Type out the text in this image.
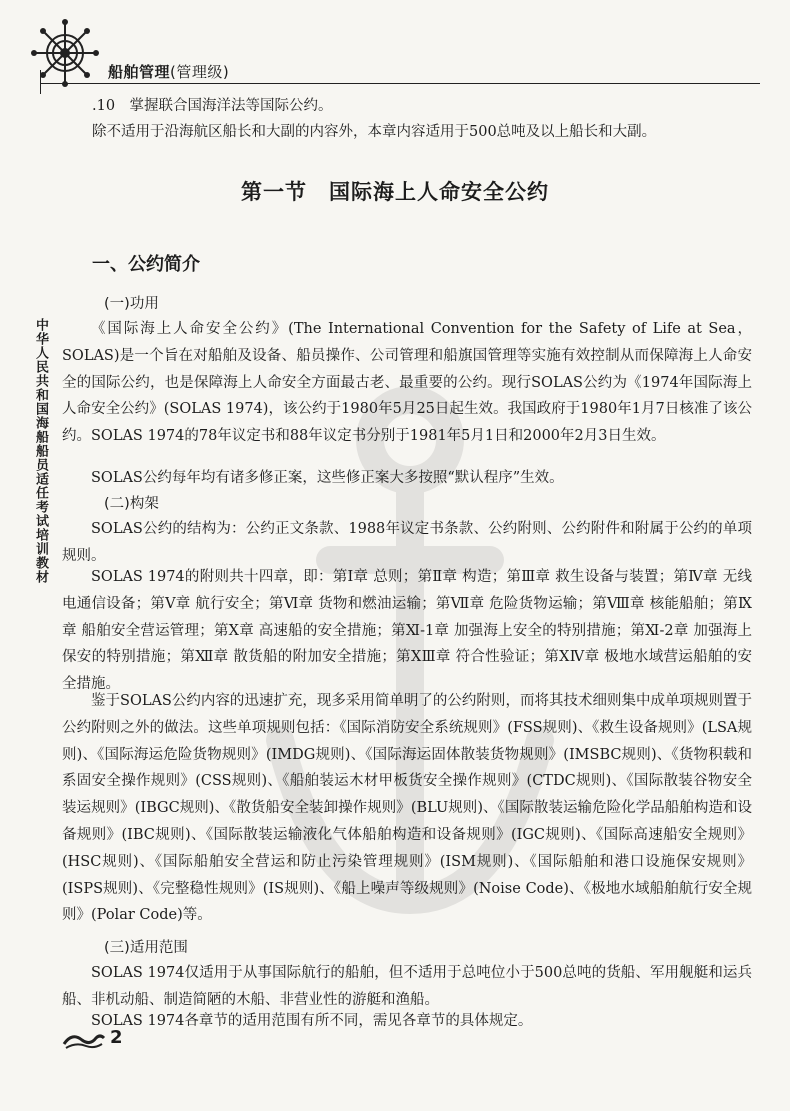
船舶管理(管理级)
中华人民共和国海船船员适任考试培训教材
.10　掌握联合国海洋法等国际公约。
除不适用于沿海航区船长和大副的内容外，本章内容适用于500总吨及以上船长和大副。
第一节　国际海上人命安全公约
一、公约简介
(一)功用
《国际海上人命安全公约》(The International Convention for the Safety of Life at Sea，SOLAS)是一个旨在对船舶及设备、船员操作、公司管理和船旗国管理等实施有效控制从而保障海上人命安全的国际公约，也是保障海上人命安全方面最古老、最重要的公约。现行SOLAS公约为《1974年国际海上人命安全公约》(SOLAS 1974)，该公约于1980年5月25日起生效。我国政府于1980年1月7日核准了该公约。SOLAS 1974的78年议定书和88年议定书分别于1981年5月1日和2000年2月3日生效。
SOLAS公约每年均有诸多修正案，这些修正案大多按照“默认程序”生效。
(二)构架
SOLAS公约的结构为：公约正文条款、1988年议定书条款、公约附则、公约附件和附属于公约的单项规则。
SOLAS 1974的附则共十四章，即：第Ⅰ章 总则；第Ⅱ章 构造；第Ⅲ章 救生设备与装置；第Ⅳ章 无线电通信设备；第Ⅴ章 航行安全；第Ⅵ章 货物和燃油运输；第Ⅶ章 危险货物运输；第Ⅷ章 核能船舶；第Ⅸ章 船舶安全营运管理；第Ⅹ章 高速船的安全措施；第Ⅺ-1章 加强海上安全的特别措施；第Ⅺ-2章 加强海上保安的特别措施；第Ⅻ章 散货船的附加安全措施；第ⅩⅢ章 符合性验证；第ⅩⅣ章 极地水域营运船舶的安全措施。
鉴于SOLAS公约内容的迅速扩充，现多采用简单明了的公约附则，而将其技术细则集中成单项规则置于公约附则之外的做法。这些单项规则包括：《国际消防安全系统规则》(FSS规则)、《救生设备规则》(LSA规则)、《国际海运危险货物规则》(IMDG规则)、《国际海运固体散装货物规则》(IMSBC规则)、《货物积载和系固安全操作规则》(CSS规则)、《船舶装运木材甲板货安全操作规则》(CTDC规则)、《国际散装谷物安全装运规则》(IBGC规则)、《散货船安全装卸操作规则》(BLU规则)、《国际散装运输危险化学品船舶构造和设备规则》(IBC规则)、《国际散装运输液化气体船舶构造和设备规则》(IGC规则)、《国际高速船安全规则》(HSC规则)、《国际船舶安全营运和防止污染管理规则》(ISM规则)、《国际船舶和港口设施保安规则》(ISPS规则)、《完整稳性规则》(IS规则)、《船上噪声等级规则》(Noise Code)、《极地水域船舶航行安全规则》(Polar Code)等。
(三)适用范围
SOLAS 1974仅适用于从事国际航行的船舶，但不适用于总吨位小于500总吨的货船、军用舰艇和运兵船、非机动船、制造简陋的木船、非营业性的游艇和渔船。
SOLAS 1974各章节的适用范围有所不同，需见各章节的具体规定。
2
